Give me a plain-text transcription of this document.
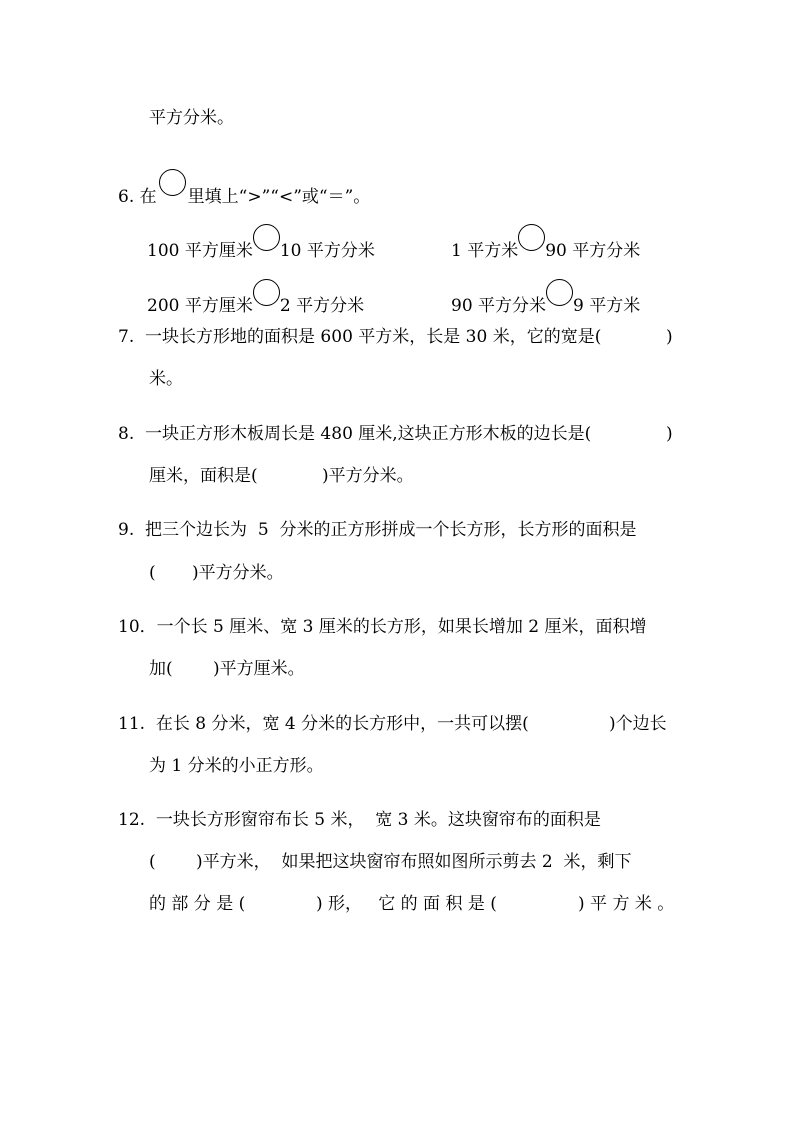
平方分米。
6. 在 里填上“>”“<”或“＝”。
100 平方厘米 10 平方分米	1 平方米 90 平方分米
200 平方厘米 2 平方分米	90 平方分米 9 平方米
7.  一块长方形地的面积是 600 平方米，长是 30 米，它的宽是(	)
米。
8.  一块正方形木板周长是 480 厘米,这块正方形木板的边长是(	)
厘米，面积是(	)平方分米。
9.  把三个边长为  5  分米的正方形拼成一个长方形，长方形的面积是
( )平方分米。
10．一个长 5 厘米、宽 3 厘米的长方形，如果长增加 2 厘米，面积增
加( )平方厘米。
11.  在长 8 分米，宽 4 分米的长方形中，一共可以摆(	)个边长
为 1 分米的小正方形。
12.  一块长方形窗帘布长 5 米，  宽 3 米。这块窗帘布的面积是
( )平方米，  如果把这块窗帘布照如图所示剪去 2  米，剩下
的 部 分 是 (	) 形，   它 的 面 积 是 (	) 平 方 米 。
